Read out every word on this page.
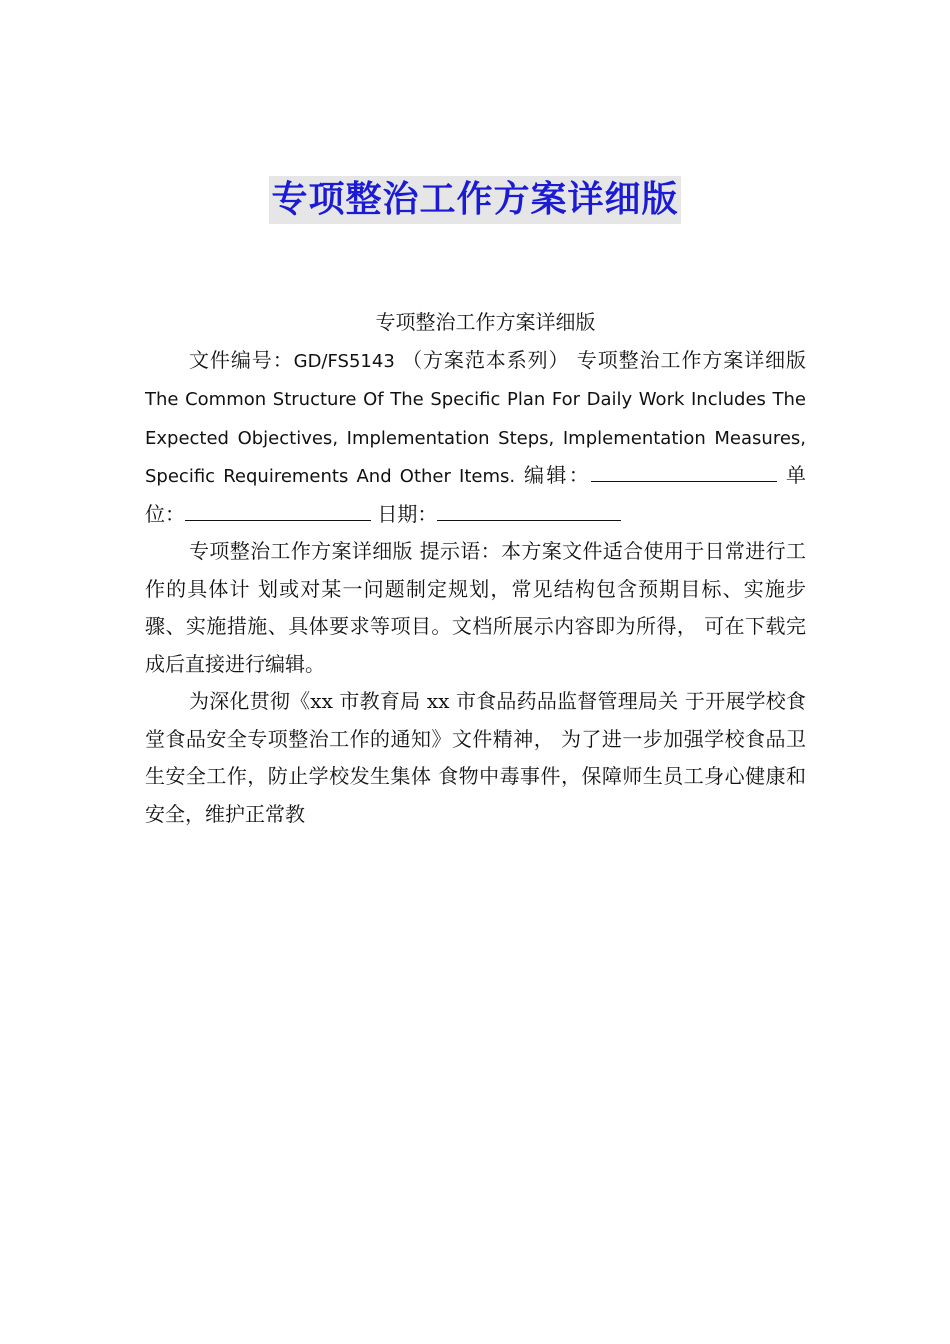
专项整治工作方案详细版

专项整治工作方案详细版

文件编号：GD/FS5143 （方案范本系列） 专项整治工作方案详细版 The Common Structure Of The Specific Plan For Daily Work Includes The Expected Objectives, Implementation Steps, Implementation Measures, Specific Requirements And Other Items. 编辑：	单位：	日期：

专项整治工作方案详细版 提示语：本方案文件适合使用于日常进行工作的具体计 划或对某一问题制定规划，常见结构包含预期目标、实施步 骤、实施措施、具体要求等项目。文档所展示内容即为所得， 可在下载完成后直接进行编辑。

为深化贯彻《xx 市教育局 xx 市食品药品监督管理局关 于开展学校食堂食品安全专项整治工作的通知》文件精神， 为了进一步加强学校食品卫生安全工作，防止学校发生集体 食物中毒事件，保障师生员工身心健康和安全，维护正常教
